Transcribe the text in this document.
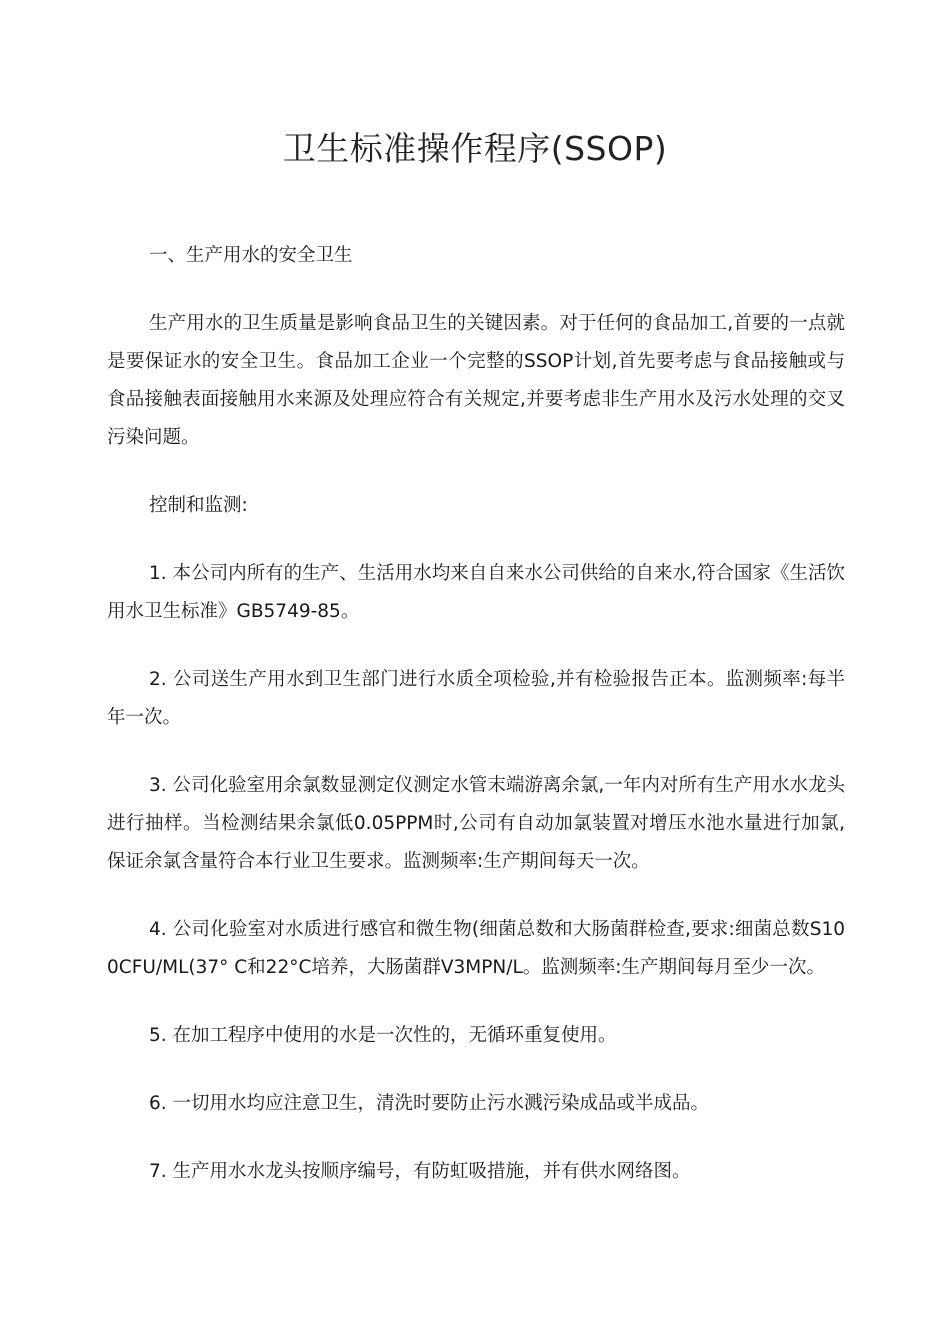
卫生标准操作程序(SSOP)

一、生产用水的安全卫生

生产用水的卫生质量是影响食品卫生的关键因素。对于任何的食品加工,首要的一点就是要保证水的安全卫生。食品加工企业一个完整的SSOP计划,首先要考虑与食品接触或与食品接触表面接触用水来源及处理应符合有关规定,并要考虑非生产用水及污水处理的交叉污染问题。

控制和监测:

1. 本公司内所有的生产、生活用水均来自自来水公司供给的自来水,符合国家《生活饮用水卫生标准》GB5749-85。

2. 公司送生产用水到卫生部门进行水质全项检验,并有检验报告正本。监测频率:每半年一次。

3. 公司化验室用余氯数显测定仪测定水管末端游离余氯,一年内对所有生产用水水龙头进行抽样。当检测结果余氯低0.05PPM时,公司有自动加氯装置对增压水池水量进行加氯,保证余氯含量符合本行业卫生要求。监测频率:生产期间每天一次。

4. 公司化验室对水质进行感官和微生物(细菌总数和大肠菌群检查,要求:细菌总数S100CFU/ML(37° C和22°C培养，大肠菌群V3MPN/L。监测频率:生产期间每月至少一次。

5. 在加工程序中使用的水是一次性的，无循环重复使用。

6. 一切用水均应注意卫生，清洗时要防止污水溅污染成品或半成品。

7. 生产用水水龙头按顺序编号，有防虹吸措施，并有供水网络图。
